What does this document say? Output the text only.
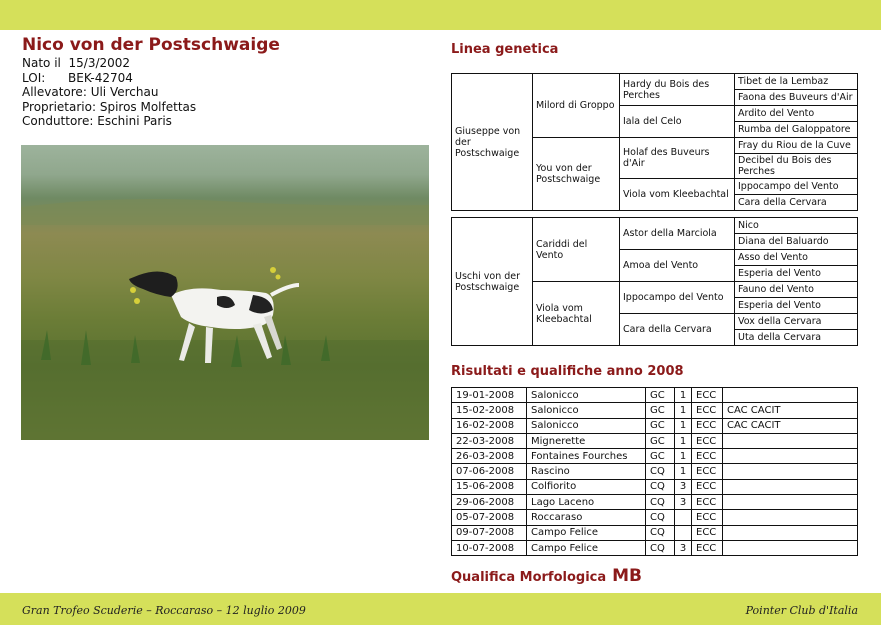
Nico von der Postschwaige
Nato il 15/3/2002
LOI: BEK-42704
Allevatore: Uli Verchau
Proprietario: Spiros Molfettas
Conduttore: Eschini Paris
Linea genetica
Giuseppe von der Postschwaige	Milord di Groppo	Hardy du Bois des Perches	Tibet de la Lembaz
			Faona des Buveurs d'Air
		Iala del Celo	Ardito del Vento
			Rumba del Galoppatore
	You von der Postschwaige	Holaf des Buveurs d'Air	Fray du Riou de la Cuve
			Decibel du Bois des Perches
		Viola vom Kleebachtal	Ippocampo del Vento
			Cara della Cervara
Uschi von der Postschwaige	Cariddi del Vento	Astor della Marciola	Nico
			Diana del Baluardo
		Amoa del Vento	Asso del Vento
			Esperia del Vento
	Viola vom Kleebachtal	Ippocampo del Vento	Fauno del Vento
			Esperia del Vento
		Cara della Cervara	Vox della Cervara
			Uta della Cervara
Risultati e qualifiche anno 2008
19-01-2008	Salonicco	GC	1	ECC	
15-02-2008	Salonicco	GC	1	ECC	CAC CACIT
16-02-2008	Salonicco	GC	1	ECC	CAC CACIT
22-03-2008	Mignerette	GC	1	ECC	
26-03-2008	Fontaines Fourches	GC	1	ECC	
07-06-2008	Rascino	CQ	1	ECC	
15-06-2008	Colfiorito	CQ	3	ECC	
29-06-2008	Lago Laceno	CQ	3	ECC	
05-07-2008	Roccaraso	CQ		ECC	
09-07-2008	Campo Felice	CQ		ECC	
10-07-2008	Campo Felice	CQ	3	ECC	
Qualifica Morfologica MB
Gran Trofeo Scuderie – Roccaraso – 12 luglio 2009	Pointer Club d'Italia
